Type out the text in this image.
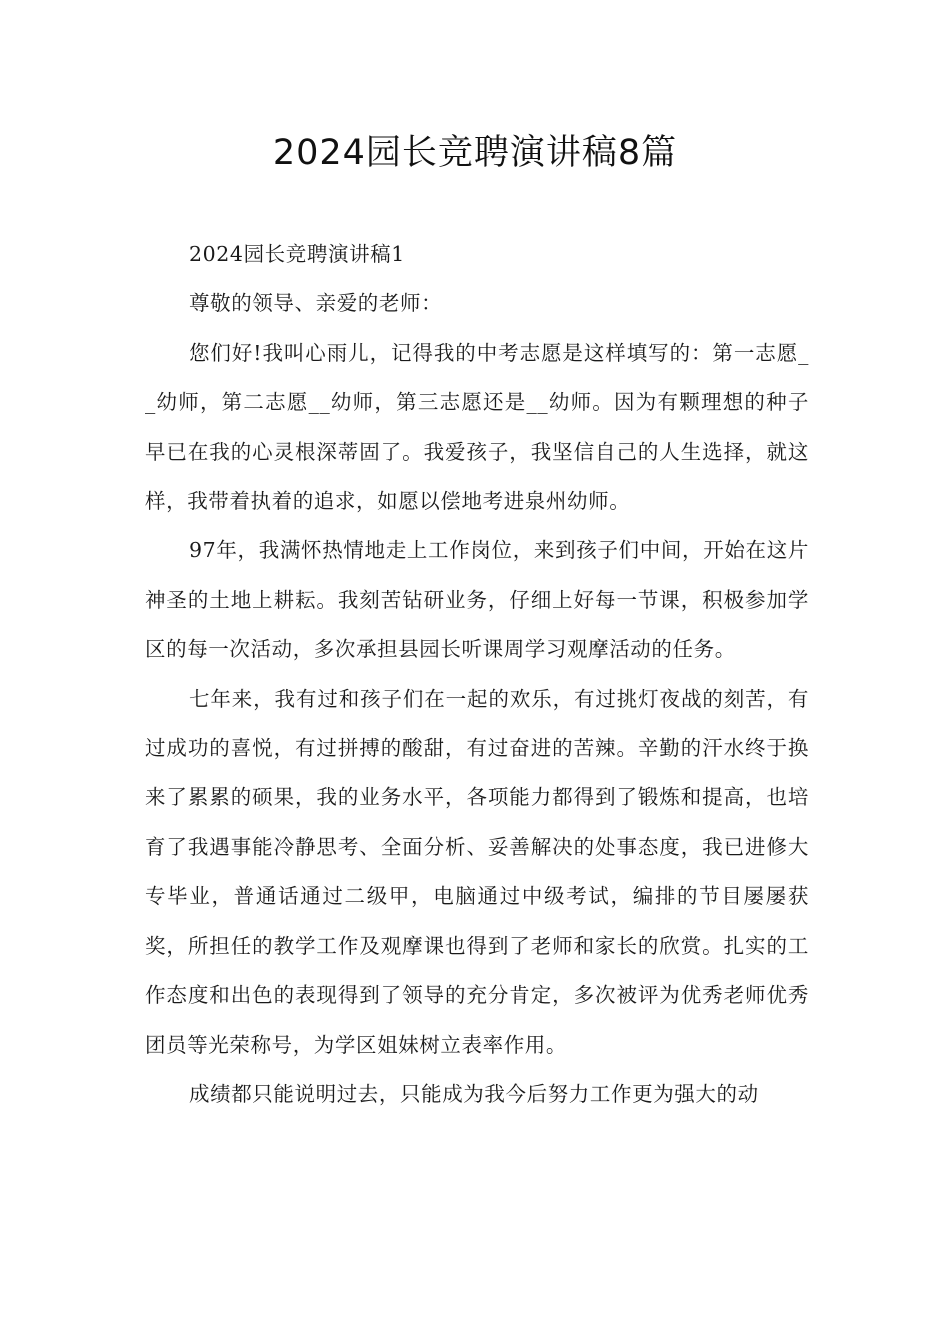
2024园长竞聘演讲稿8篇

2024园长竞聘演讲稿1

尊敬的领导、亲爱的老师：

您们好!我叫心雨儿，记得我的中考志愿是这样填写的：第一志愿__幼师，第二志愿__幼师，第三志愿还是__幼师。因为有颗理想的种子早已在我的心灵根深蒂固了。我爱孩子，我坚信自己的人生选择，就这样，我带着执着的追求，如愿以偿地考进泉州幼师。

97年，我满怀热情地走上工作岗位，来到孩子们中间，开始在这片神圣的土地上耕耘。我刻苦钻研业务，仔细上好每一节课，积极参加学区的每一次活动，多次承担县园长听课周学习观摩活动的任务。

七年来，我有过和孩子们在一起的欢乐，有过挑灯夜战的刻苦，有过成功的喜悦，有过拼搏的酸甜，有过奋进的苦辣。辛勤的汗水终于换来了累累的硕果，我的业务水平，各项能力都得到了锻炼和提高，也培育了我遇事能冷静思考、全面分析、妥善解决的处事态度，我已进修大专毕业，普通话通过二级甲，电脑通过中级考试，编排的节目屡屡获奖，所担任的教学工作及观摩课也得到了老师和家长的欣赏。扎实的工作态度和出色的表现得到了领导的充分肯定，多次被评为优秀老师优秀团员等光荣称号，为学区姐妹树立表率作用。

成绩都只能说明过去，只能成为我今后努力工作更为强大的动
